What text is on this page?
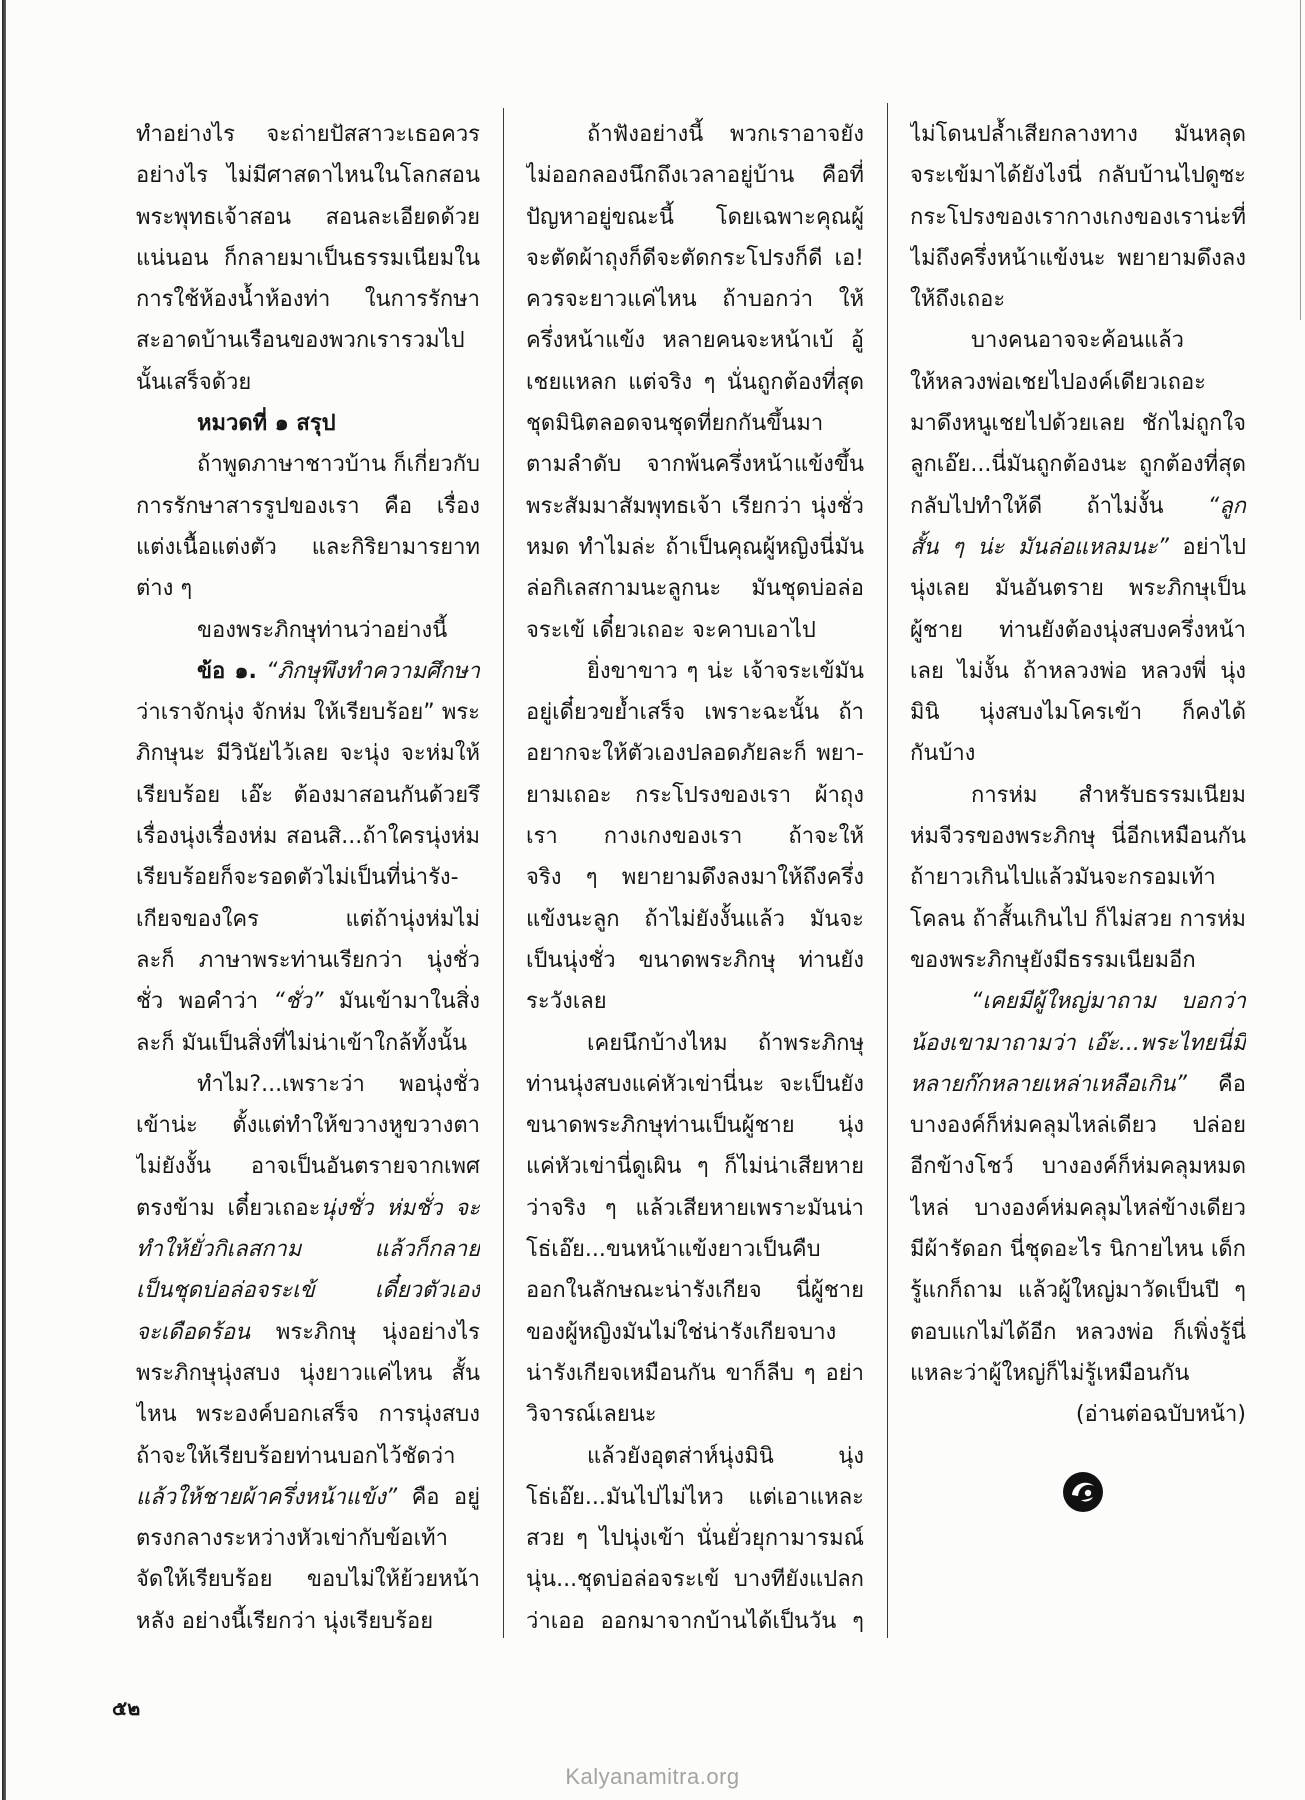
ทำอย่างไร จะถ่ายปัสสาวะเธอควร
อย่างไร ไม่มีศาสดาไหนในโลกสอน
พระพุทธเจ้าสอน สอนละเอียดด้วย
แน่นอน ก็กลายมาเป็นธรรมเนียมใน
การใช้ห้องน้ำห้องท่า ในการรักษา
สะอาดบ้านเรือนของพวกเรารวมไป
นั้นเสร็จด้วย
หมวดที่ ๑ สรุป
ถ้าพูดภาษาชาวบ้าน ก็เกี่ยวกับ
การรักษาสารรูปของเรา คือ เรื่อง
แต่งเนื้อแต่งตัว และกิริยามารยาท
ต่าง ๆ
ของพระภิกษุท่านว่าอย่างนี้
ข้อ ๑. “ภิกษุพึงทำความศึกษา
ว่าเราจักนุ่ง จักห่ม ให้เรียบร้อย” พระ
ภิกษุนะ มีวินัยไว้เลย จะนุ่ง จะห่มให้
เรียบร้อย เอ๊ะ ต้องมาสอนกันด้วยรึ
เรื่องนุ่งเรื่องห่ม สอนสิ...ถ้าใครนุ่งห่ม
เรียบร้อยก็จะรอดตัวไม่เป็นที่น่ารัง-
เกียจของใคร แต่ถ้านุ่งห่มไม่
ละก็ ภาษาพระท่านเรียกว่า นุ่งชั่ว
ชั่ว พอคำว่า “ชั่ว” มันเข้ามาในสิ่ง
ละก็ มันเป็นสิ่งที่ไม่น่าเข้าใกล้ทั้งนั้น
ทำไม?...เพราะว่า พอนุ่งชั่ว
เข้าน่ะ ตั้งแต่ทำให้ขวางหูขวางตา
ไม่ยังงั้น อาจเป็นอันตรายจากเพศ
ตรงข้าม เดี๋ยวเถอะนุ่งชั่ว ห่มชั่ว จะ
ทำให้ยั่วกิเลสกาม แล้วก็กลาย
เป็นชุดบ่อล่อจระเข้ เดี๋ยวตัวเอง
จะเดือดร้อน พระภิกษุ นุ่งอย่างไร
พระภิกษุนุ่งสบง นุ่งยาวแค่ไหน สั้น
ไหน พระองค์บอกเสร็จ การนุ่งสบง
ถ้าจะให้เรียบร้อยท่านบอกไว้ชัดว่า
แล้วให้ชายผ้าครึ่งหน้าแข้ง” คือ อยู่
ตรงกลางระหว่างหัวเข่ากับข้อเท้า
จัดให้เรียบร้อย ขอบไม่ให้ย้วยหน้า
หลัง อย่างนี้เรียกว่า นุ่งเรียบร้อย
ถ้าฟังอย่างนี้ พวกเราอาจยัง
ไม่ออกลองนึกถึงเวลาอยู่บ้าน คือที่
ปัญหาอยู่ขณะนี้ โดยเฉพาะคุณผู้
จะตัดผ้าถุงก็ดีจะตัดกระโปรงก็ดี เอ!
ควรจะยาวแค่ไหน ถ้าบอกว่า ให้
ครึ่งหน้าแข้ง หลายคนจะหน้าเบ้ อู้
เชยแหลก แต่จริง ๆ นั่นถูกต้องที่สุด
ชุดมินิตลอดจนชุดที่ยกกันขึ้นมา
ตามลำดับ จากพ้นครึ่งหน้าแข้งขึ้น
พระสัมมาสัมพุทธเจ้า เรียกว่า นุ่งชั่ว
หมด ทำไมล่ะ ถ้าเป็นคุณผู้หญิงนี่มัน
ล่อกิเลสกามนะลูกนะ มันชุดบ่อล่อ
จระเข้ เดี๋ยวเถอะ จะคาบเอาไป
ยิ่งขาขาว ๆ น่ะ เจ้าจระเข้มัน
อยู่เดี๋ยวขย้ำเสร็จ เพราะฉะนั้น ถ้า
อยากจะให้ตัวเองปลอดภัยละก็ พยา-
ยามเถอะ กระโปรงของเรา ผ้าถุง
เรา กางเกงของเรา ถ้าจะให้
จริง ๆ พยายามดึงลงมาให้ถึงครึ่ง
แข้งนะลูก ถ้าไม่ยังงั้นแล้ว มันจะ
เป็นนุ่งชั่ว ขนาดพระภิกษุ ท่านยัง
ระวังเลย
เคยนึกบ้างไหม ถ้าพระภิกษุ
ท่านนุ่งสบงแค่หัวเข่านี่นะ จะเป็นยัง
ขนาดพระภิกษุท่านเป็นผู้ชาย นุ่ง
แค่หัวเข่านี่ดูเผิน ๆ ก็ไม่น่าเสียหาย
ว่าจริง ๆ แล้วเสียหายเพราะมันน่า
โธ่เอ๊ย...ขนหน้าแข้งยาวเป็นคืบ
ออกในลักษณะน่ารังเกียจ นี่ผู้ชาย
ของผู้หญิงมันไม่ใช่น่ารังเกียจบาง
น่ารังเกียจเหมือนกัน ขาก็ลีบ ๆ อย่า
วิจารณ์เลยนะ
แล้วยังอุตส่าห์นุ่งมินิ นุ่ง
โธ่เอ๊ย...มันไปไม่ไหว แต่เอาแหละ
สวย ๆ ไปนุ่งเข้า นั่นยั่วยุกามารมณ์
นุ่น...ชุดบ่อล่อจระเข้ บางทียังแปลก
ว่าเออ ออกมาจากบ้านได้เป็นวัน ๆ
ไม่โดนปล้ำเสียกลางทาง มันหลุด
จระเข้มาได้ยังไงนี่ กลับบ้านไปดูซะ
กระโปรงของเรากางเกงของเราน่ะที่
ไม่ถึงครึ่งหน้าแข้งนะ พยายามดึงลง
ให้ถึงเถอะ
บางคนอาจจะค้อนแล้ว
ให้หลวงพ่อเชยไปองค์เดียวเถอะ
มาดึงหนูเชยไปด้วยเลย ชักไม่ถูกใจ
ลูกเอ๊ย...นี่มันถูกต้องนะ ถูกต้องที่สุด
กลับไปทำให้ดี ถ้าไม่งั้น “ลูก
สั้น ๆ น่ะ มันล่อแหลมนะ” อย่าไป
นุ่งเลย มันอันตราย พระภิกษุเป็น
ผู้ชาย ท่านยังต้องนุ่งสบงครึ่งหน้า
เลย ไม่งั้น ถ้าหลวงพ่อ หลวงพี่ นุ่ง
มินิ นุ่งสบงไมโครเข้า ก็คงได้
กันบ้าง
การห่ม สำหรับธรรมเนียม
ห่มจีวรของพระภิกษุ นี่อีกเหมือนกัน
ถ้ายาวเกินไปแล้วมันจะกรอมเท้า
โคลน ถ้าสั้นเกินไป ก็ไม่สวย การห่ม
ของพระภิกษุยังมีธรรมเนียมอีก
“เคยมีผู้ใหญ่มาถาม บอกว่า
น้องเขามาถามว่า เอ๊ะ...พระไทยนี่มี
หลายก๊กหลายเหล่าเหลือเกิน” คือ
บางองค์ก็ห่มคลุมไหล่เดียว ปล่อย
อีกข้างโชว์ บางองค์ก็ห่มคลุมหมด
ไหล่ บางองค์ห่มคลุมไหล่ข้างเดียว
มีผ้ารัดอก นี่ชุดอะไร นิกายไหน เด็ก
รู้แกก็ถาม แล้วผู้ใหญ่มาวัดเป็นปี ๆ
ตอบแกไม่ได้อีก หลวงพ่อ ก็เพิ่งรู้นี่
แหละว่าผู้ใหญ่ก็ไม่รู้เหมือนกัน
(อ่านต่อฉบับหน้า)
๕๒
Kalyanamitra.org
